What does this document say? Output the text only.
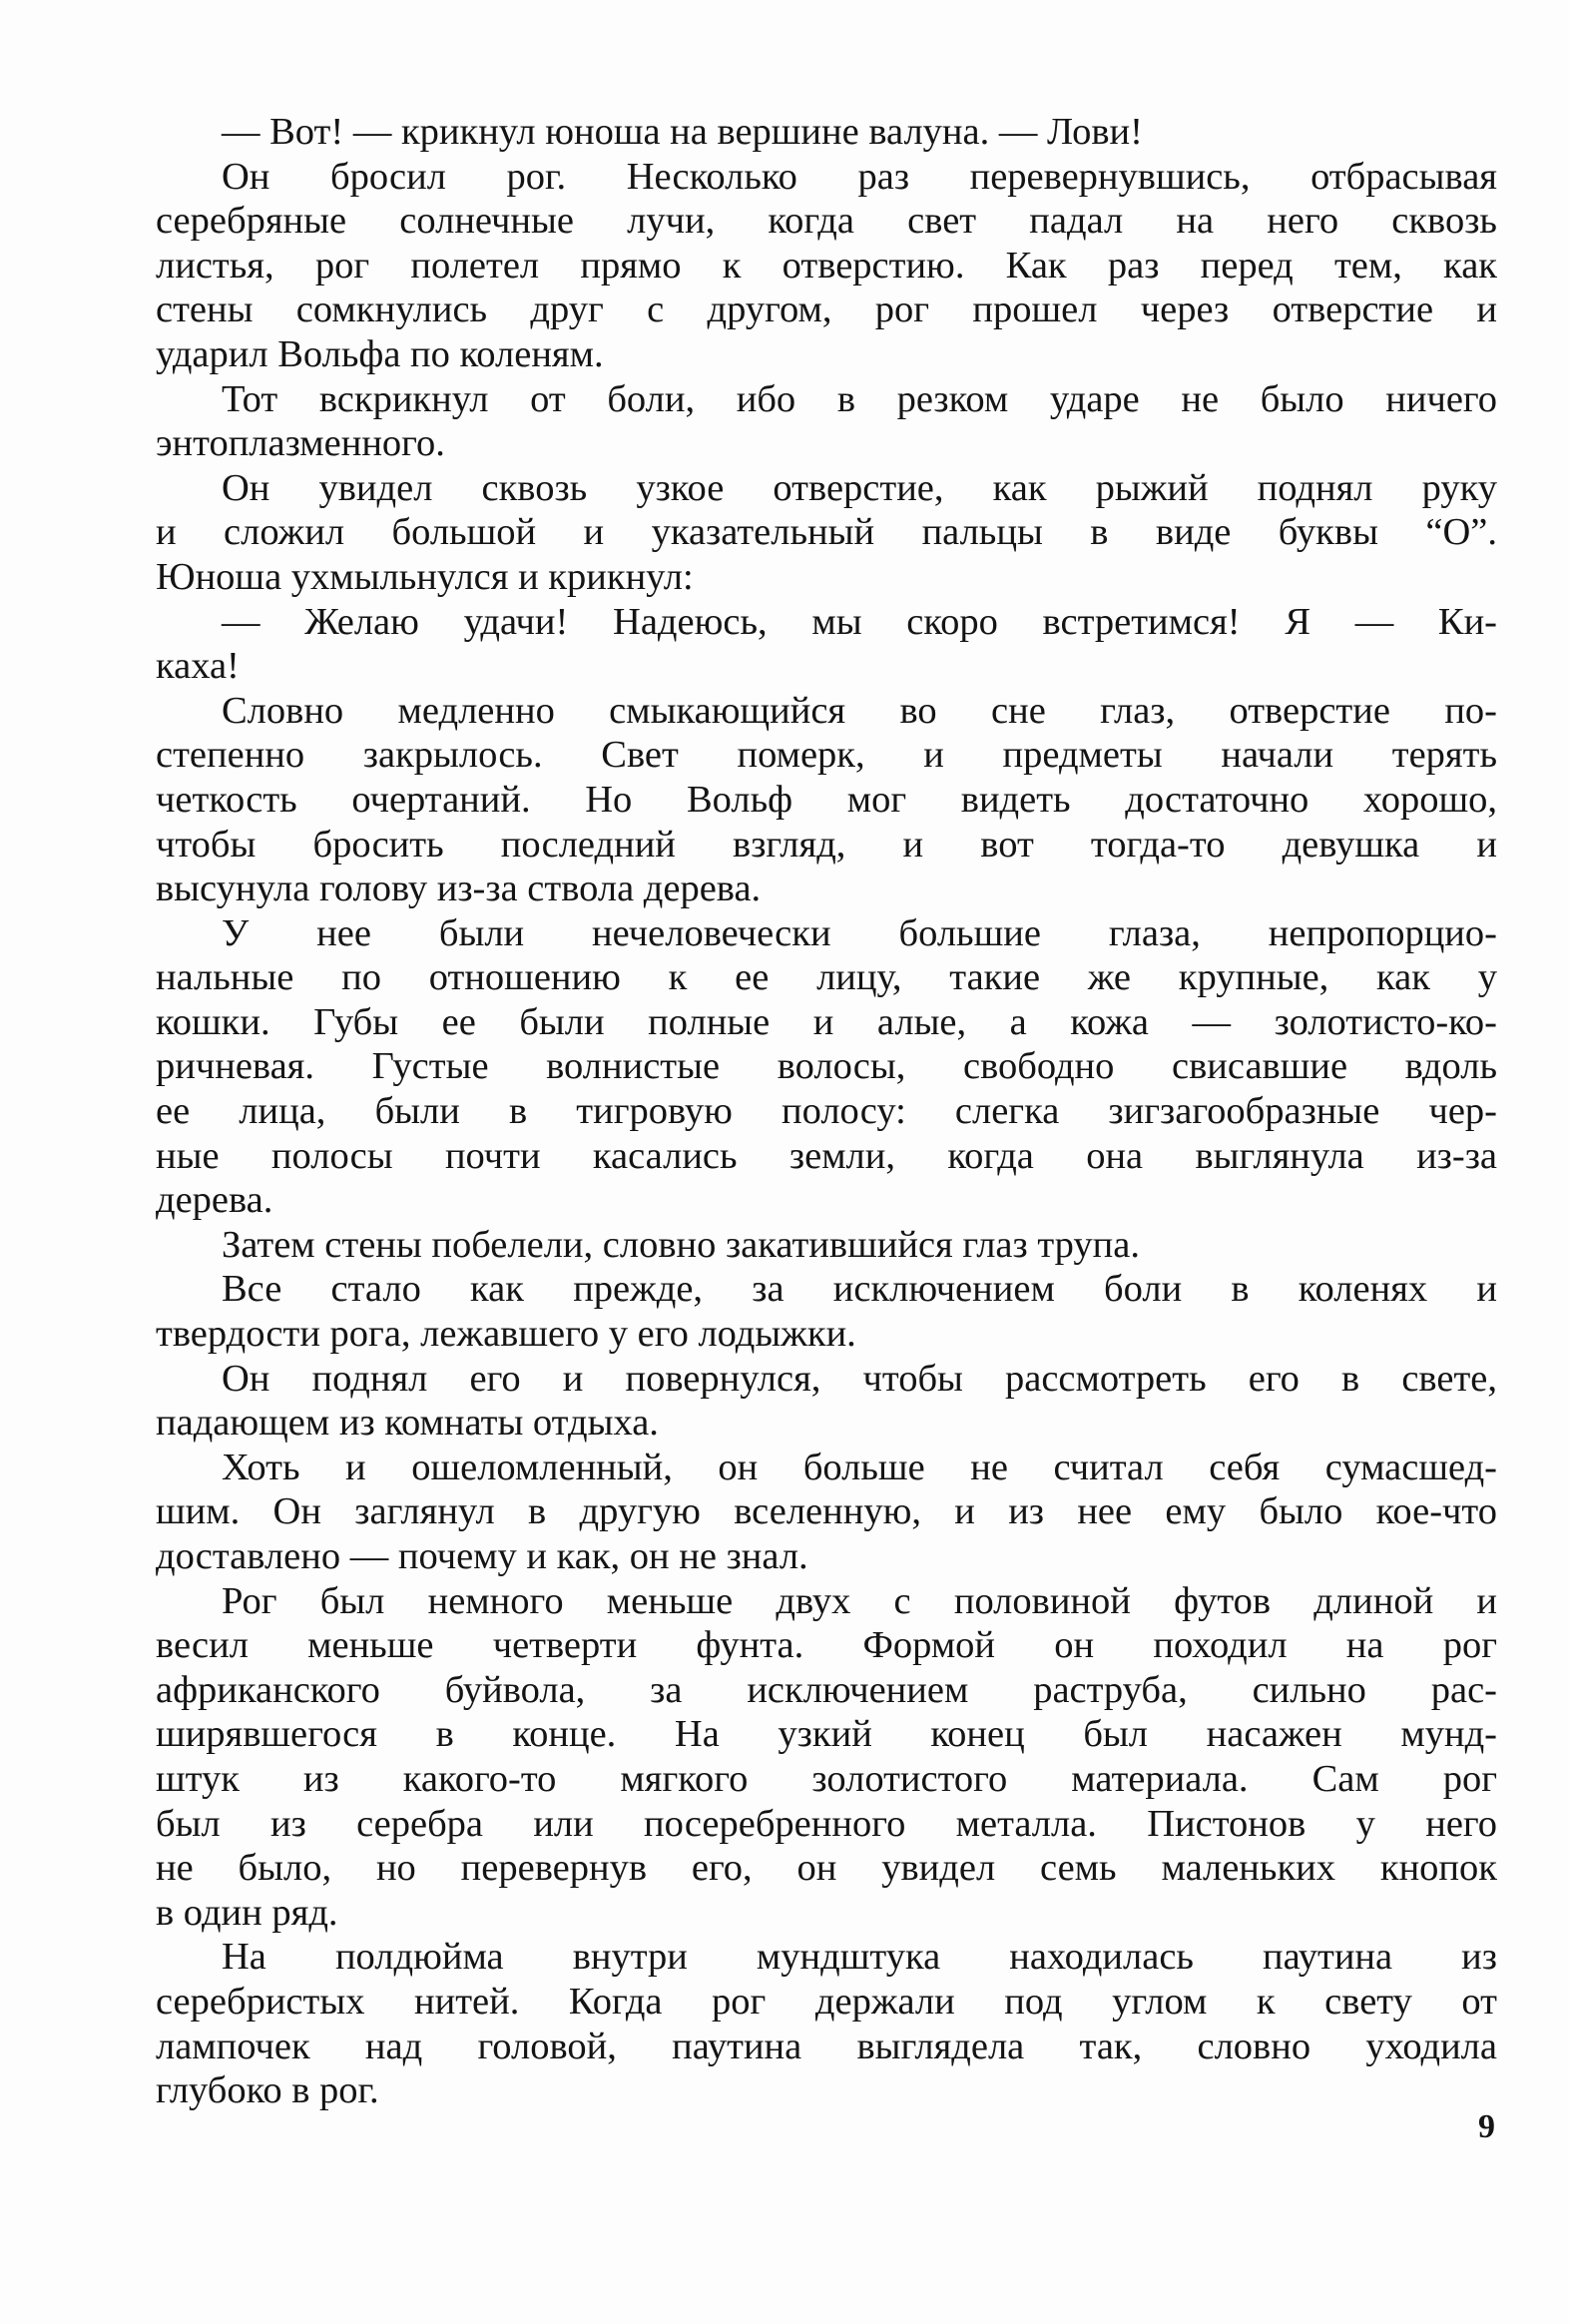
— Вот! — крикнул юноша на вершине валуна. — Лови!
Он бросил рог. Несколько раз перевернувшись, отбрасывая
серебряные солнечные лучи, когда свет падал на него сквозь
листья, рог полетел прямо к отверстию. Как раз перед тем, как
стены сомкнулись друг с другом, рог прошел через отверстие и
ударил Вольфа по коленям.
Тот вскрикнул от боли, ибо в резком ударе не было ничего
энтоплазменного.
Он увидел сквозь узкое отверстие, как рыжий поднял руку
и сложил большой и указательный пальцы в виде буквы “О”.
Юноша ухмыльнулся и крикнул:
— Желаю удачи! Надеюсь, мы скоро встретимся! Я — Ки-
каха!
Словно медленно смыкающийся во сне глаз, отверстие по-
степенно закрылось. Свет померк, и предметы начали терять
четкость очертаний. Но Вольф мог видеть достаточно хорошо,
чтобы бросить последний взгляд, и вот тогда-то девушка и
высунула голову из-за ствола дерева.
У нее были нечеловечески большие глаза, непропорцио-
нальные по отношению к ее лицу, такие же крупные, как у
кошки. Губы ее были полные и алые, а кожа — золотисто-ко-
ричневая. Густые волнистые волосы, свободно свисавшие вдоль
ее лица, были в тигровую полосу: слегка зигзагообразные чер-
ные полосы почти касались земли, когда она выглянула из-за
дерева.
Затем стены побелели, словно закатившийся глаз трупа.
Все стало как прежде, за исключением боли в коленях и
твердости рога, лежавшего у его лодыжки.
Он поднял его и повернулся, чтобы рассмотреть его в свете,
падающем из комнаты отдыха.
Хоть и ошеломленный, он больше не считал себя сумасшед-
шим. Он заглянул в другую вселенную, и из нее ему было кое-что
доставлено — почему и как, он не знал.
Рог был немного меньше двух с половиной футов длиной и
весил меньше четверти фунта. Формой он походил на рог
африканского буйвола, за исключением раструба, сильно рас-
ширявшегося в конце. На узкий конец был насажен мунд-
штук из какого-то мягкого золотистого материала. Сам рог
был из серебра или посеребренного металла. Пистонов у него
не было, но перевернув его, он увидел семь маленьких кнопок
в один ряд.
На полдюйма внутри мундштука находилась паутина из
серебристых нитей. Когда рог держали под углом к свету от
лампочек над головой, паутина выглядела так, словно уходила
глубоко в рог.
9
